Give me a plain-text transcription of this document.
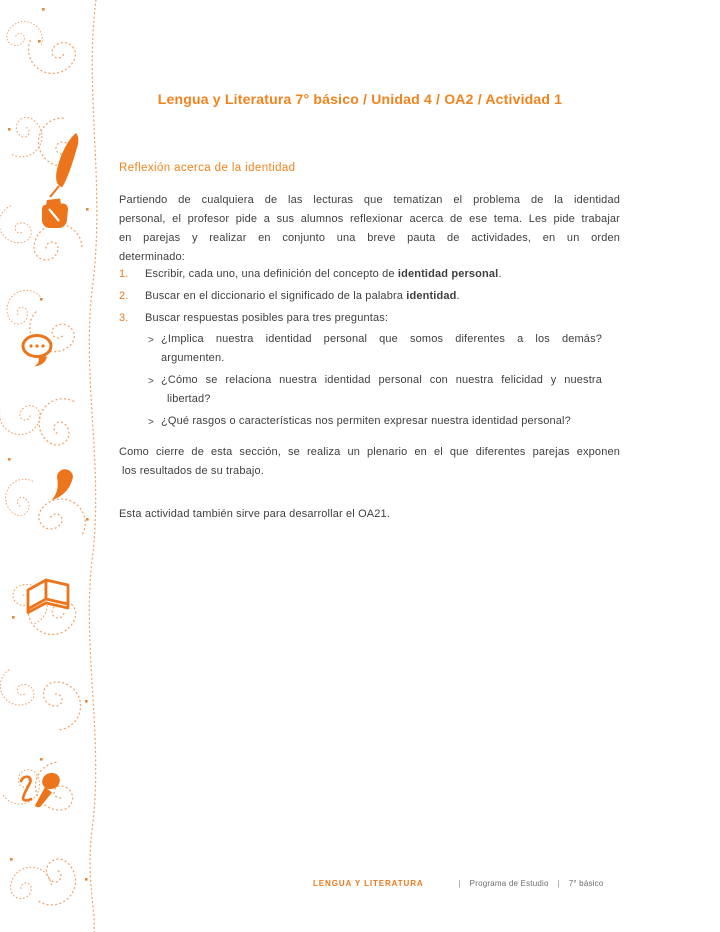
Lengua y Literatura 7° básico / Unidad 4 / OA2 / Actividad 1
Reflexión acerca de la identidad
Partiendo de cualquiera de las lecturas que tematizan el problema de la identidad
personal, el profesor pide a sus alumnos reflexionar acerca de ese tema. Les pide trabajar
en parejas y realizar en conjunto una breve pauta de actividades, en un orden
determinado:
1.	Escribir, cada uno, una definición del concepto de identidad personal.
2.	Buscar en el diccionario el significado de la palabra identidad.
3.	Buscar respuestas posibles para tres preguntas:
> ¿Implica nuestra identidad personal que somos diferentes a los demás?
argumenten.
> ¿Cómo se relaciona nuestra identidad personal con nuestra felicidad y nuestra
libertad?
> ¿Qué rasgos o características nos permiten expresar nuestra identidad personal?
Como cierre de esta sección, se realiza un plenario en el que diferentes parejas exponen
los resultados de su trabajo.
Esta actividad también sirve para desarrollar el OA21.
LENGUA Y LITERATURA	| Programa de Estudio | 7° básico
